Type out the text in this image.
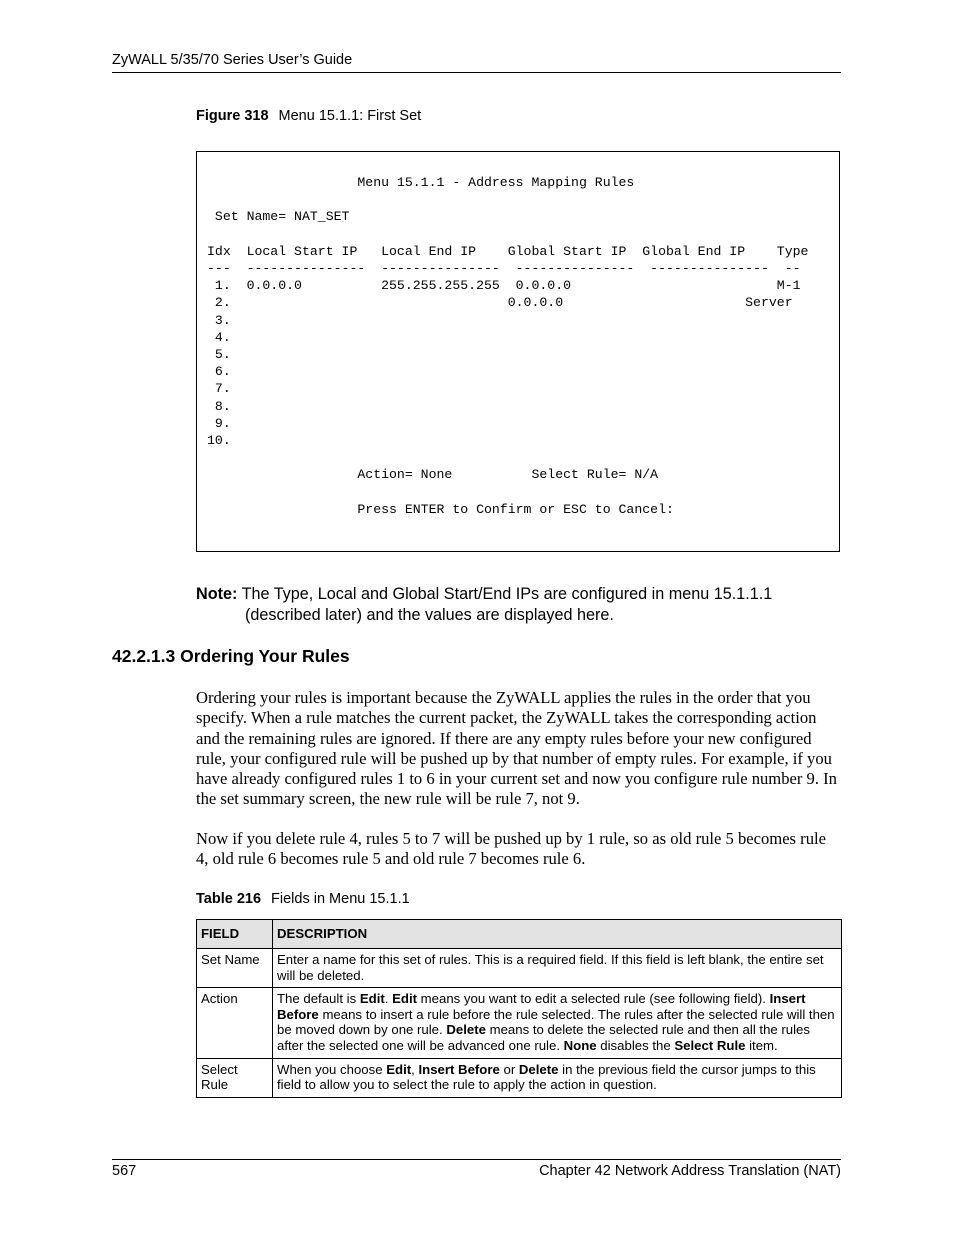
ZyWALL 5/35/70 Series User’s Guide
Figure 318 Menu 15.1.1: First Set
Menu 15.1.1 - Address Mapping Rules

Set Name= NAT_SET

Idx  Local Start IP   Local End IP    Global Start IP  Global End IP    Type
---  ---------------  ---------------  ---------------  ---------------  --
1.  0.0.0.0          255.255.255.255  0.0.0.0                          M-1
2.                                   0.0.0.0                       Server
3.
4.
5.
6.
7.
8.
9.
10.

Action= None          Select Rule= N/A

Press ENTER to Confirm or ESC to Cancel:
Note: The Type, Local and Global Start/End IPs are configured in menu 15.1.1.1
(described later) and the values are displayed here.
42.2.1.3 Ordering Your Rules

Ordering your rules is important because the ZyWALL applies the rules in the order that you specify. When a rule matches the current packet, the ZyWALL takes the corresponding action and the remaining rules are ignored. If there are any empty rules before your new configured rule, your configured rule will be pushed up by that number of empty rules. For example, if you have already configured rules 1 to 6 in your current set and now you configure rule number 9. In the set summary screen, the new rule will be rule 7, not 9.

Now if you delete rule 4, rules 5 to 7 will be pushed up by 1 rule, so as old rule 5 becomes rule 4, old rule 6 becomes rule 5 and old rule 7 becomes rule 6.

Table 216 Fields in Menu 15.1.1
FIELD	DESCRIPTION
Set Name	Enter a name for this set of rules. This is a required field. If this field is left blank, the entire set will be deleted.
Action	The default is Edit. Edit means you want to edit a selected rule (see following field). Insert Before means to insert a rule before the rule selected. The rules after the selected rule will then be moved down by one rule. Delete means to delete the selected rule and then all the rules after the selected one will be advanced one rule. None disables the Select Rule item.
Select Rule	When you choose Edit, Insert Before or Delete in the previous field the cursor jumps to this field to allow you to select the rule to apply the action in question.
567	Chapter 42 Network Address Translation (NAT)
